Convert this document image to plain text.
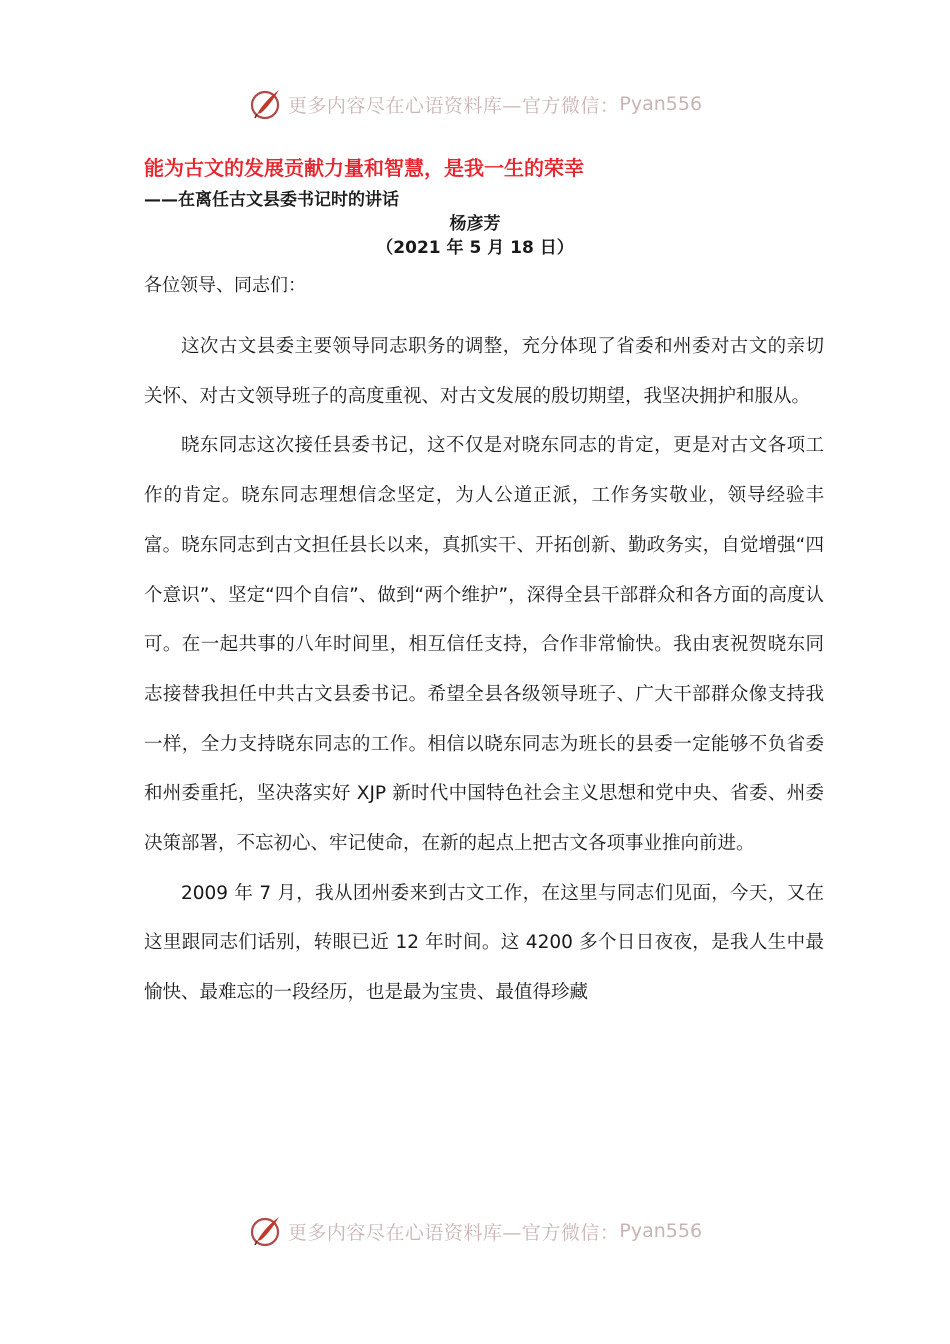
更多内容尽在心语资料库—官方微信： Pyan556
能为古文的发展贡献力量和智慧，是我一生的荣幸
——在离任古文县委书记时的讲话
杨彦芳
（2021 年 5 月 18 日）
各位领导、同志们：

这次古文县委主要领导同志职务的调整，充分体现了省委和州委对古文的亲切关怀、对古文领导班子的高度重视、对古文发展的殷切期望，我坚决拥护和服从。

晓东同志这次接任县委书记，这不仅是对晓东同志的肯定，更是对古文各项工作的肯定。晓东同志理想信念坚定，为人公道正派，工作务实敬业，领导经验丰富。晓东同志到古文担任县长以来，真抓实干、开拓创新、勤政务实，自觉增强“四个意识”、坚定“四个自信”、做到“两个维护”，深得全县干部群众和各方面的高度认可。在一起共事的八年时间里，相互信任支持，合作非常愉快。我由衷祝贺晓东同志接替我担任中共古文县委书记。希望全县各级领导班子、广大干部群众像支持我一样，全力支持晓东同志的工作。相信以晓东同志为班长的县委一定能够不负省委和州委重托，坚决落实好 XJP 新时代中国特色社会主义思想和党中央、省委、州委决策部署，不忘初心、牢记使命，在新的起点上把古文各项事业推向前进。

2009 年 7 月，我从团州委来到古文工作，在这里与同志们见面，今天，又在这里跟同志们话别，转眼已近 12 年时间。这 4200 多个日日夜夜，是我人生中最愉快、最难忘的一段经历，也是最为宝贵、最值得珍藏

更多内容尽在心语资料库—官方微信： Pyan556
